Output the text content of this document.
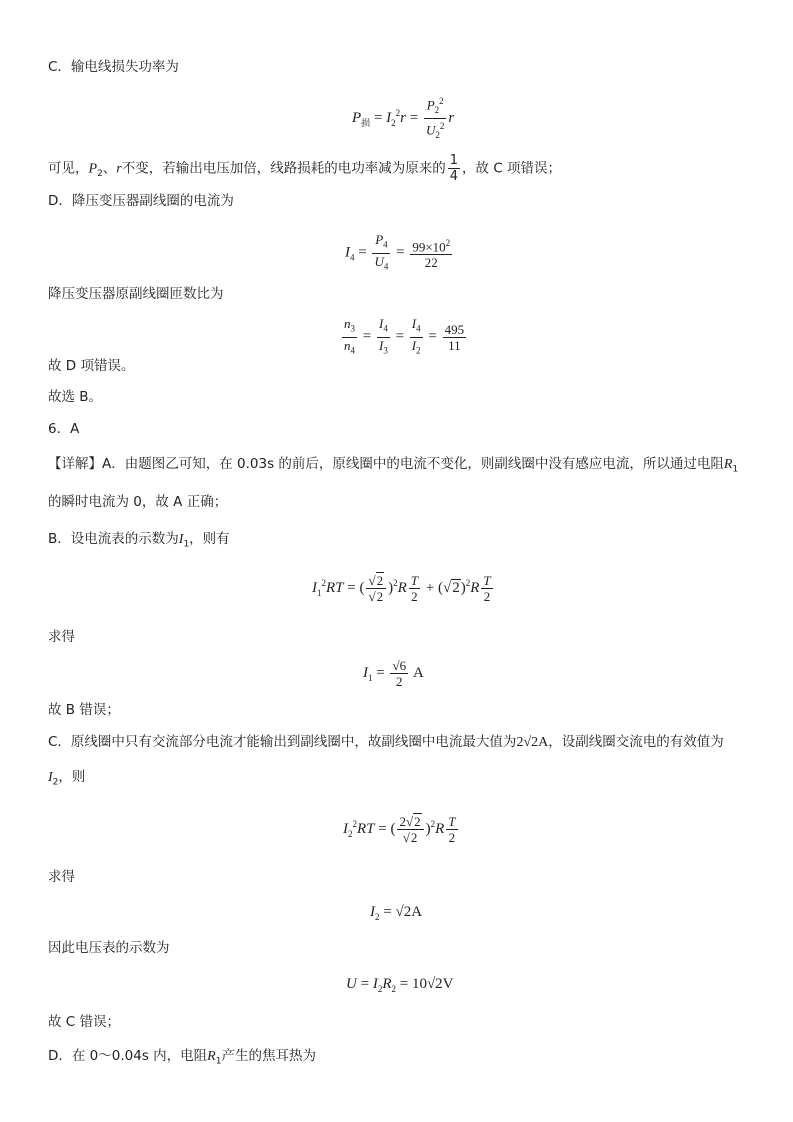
C．输电线损失功率为
$P_损 = I_2^2r = \frac{P_2^2}{U_2^2}$ r
可见，$P_2$、r不变，若输出电压加倍，线路损耗的电功率减为原来的 $\frac{1}{4}$ ，故 C 项错误；
D．降压变压器副线圈的电流为
$I_4 = \frac{P_4}{U_4} = \frac{99\times 10^2}{22}$
降压变压器原副线圈匝数比为
$\frac{n_3}{n_4} = \frac{I_4}{I_3} = \frac{I_4}{I_2} = \frac{495}{11}$
故 D 项错误。
故选 B。
6．A
【详解】A．由题图乙可知，在 0.03s 的前后，原线圈中的电流不变化，则副线圈中没有感应电流，所以通过电阻$R_1$
的瞬时电流为 0，故 A 正确；
B．设电流表的示数为$I_1$，则有
$I_1^2RT$ = ( $\frac{√2}{√2} )^2R \frac{T}{2} + (√2)^2R \frac{T}{2}$
求得
$I_1 = \frac{√6}{2}$ A
故 B 错误；
C．原线圈中只有交流部分电流才能输出到副线圈中，故副线圈中电流最大值为2√2A，设副线圈交流电的有效值为
$I_2$，则
$I_2^2RT$ = ( $\frac{2√2}{√2} )^2R \frac{T}{2}$
求得
$I_2 = √2A$
因此电压表的示数为
$U = I_2R_2 = 10√2V$
故 C 错误；
D．在 0～0.04s 内，电阻$R_1$产生的焦耳热为
